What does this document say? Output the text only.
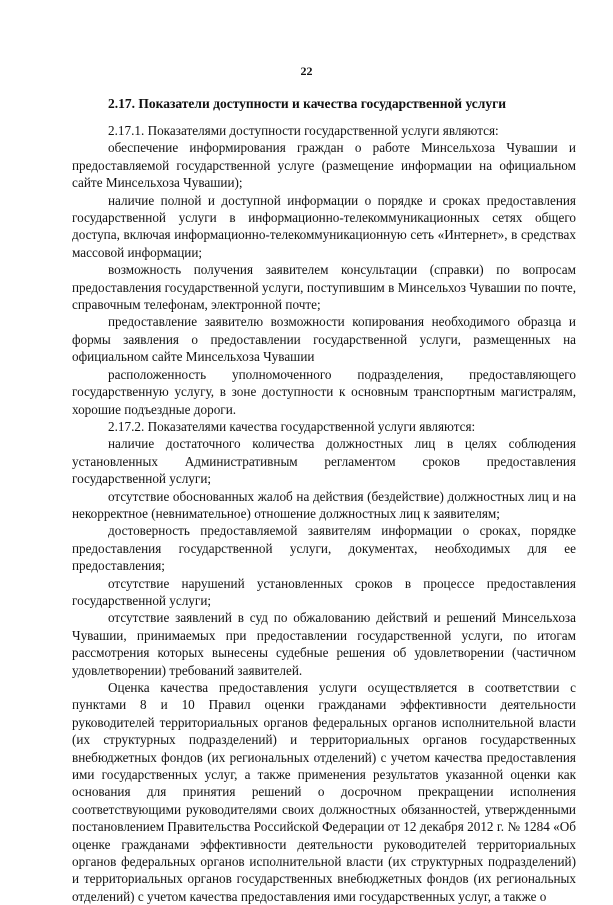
22
2.17. Показатели доступности и качества государственной услуги

2.17.1. Показателями доступности государственной услуги являются:

обеспечение информирования граждан о работе Минсельхоза Чувашии и предоставляемой государственной услуге (размещение информации на официальном сайте Минсельхоза Чувашии);

наличие полной и доступной информации о порядке и сроках предоставления государственной услуги в информационно-телекоммуникационных сетях общего доступа, включая информационно-телекоммуникационную сеть «Интернет», в средствах массовой информации;

возможность получения заявителем консультации (справки) по вопросам предоставления государственной услуги, поступившим в Минсельхоз Чувашии по почте, справочным телефонам, электронной почте;

предоставление заявителю возможности копирования необходимого образца и формы заявления о предоставлении государственной услуги, размещенных на официальном сайте Минсельхоза Чувашии

расположенность уполномоченного подразделения, предоставляющего государственную услугу, в зоне доступности к основным транспортным магистралям, хорошие подъездные дороги.

2.17.2. Показателями качества государственной услуги являются:

наличие достаточного количества должностных лиц в целях соблюдения установленных Административным регламентом сроков предоставления государственной услуги;

отсутствие обоснованных жалоб на действия (бездействие) должностных лиц и на некорректное (невнимательное) отношение должностных лиц к заявителям;

достоверность предоставляемой заявителям информации о сроках, порядке предоставления государственной услуги, документах, необходимых для ее предоставления;

отсутствие нарушений установленных сроков в процессе предоставления государственной услуги;

отсутствие заявлений в суд по обжалованию действий и решений Минсельхоза Чувашии, принимаемых при предоставлении государственной услуги, по итогам рассмотрения которых вынесены судебные решения об удовлетворении (частичном удовлетворении) требований заявителей.

Оценка качества предоставления услуги осуществляется в соответствии с пунктами 8 и 10 Правил оценки гражданами эффективности деятельности руководителей территориальных органов федеральных органов исполнительной власти (их структурных подразделений) и территориальных органов государственных внебюджетных фондов (их региональных отделений) с учетом качества предоставления ими государственных услуг, а также применения результатов указанной оценки как основания для принятия решений о досрочном прекращении исполнения соответствующими руководителями своих должностных обязанностей, утвержденными постановлением Правительства Российской Федерации от 12 декабря 2012 г. № 1284 «Об оценке гражданами эффективности деятельности руководителей территориальных органов федеральных органов исполнительной власти (их структурных подразделений) и территориальных органов государственных внебюджетных фондов (их региональных отделений) с учетом качества предоставления ими государственных услуг, а также о
